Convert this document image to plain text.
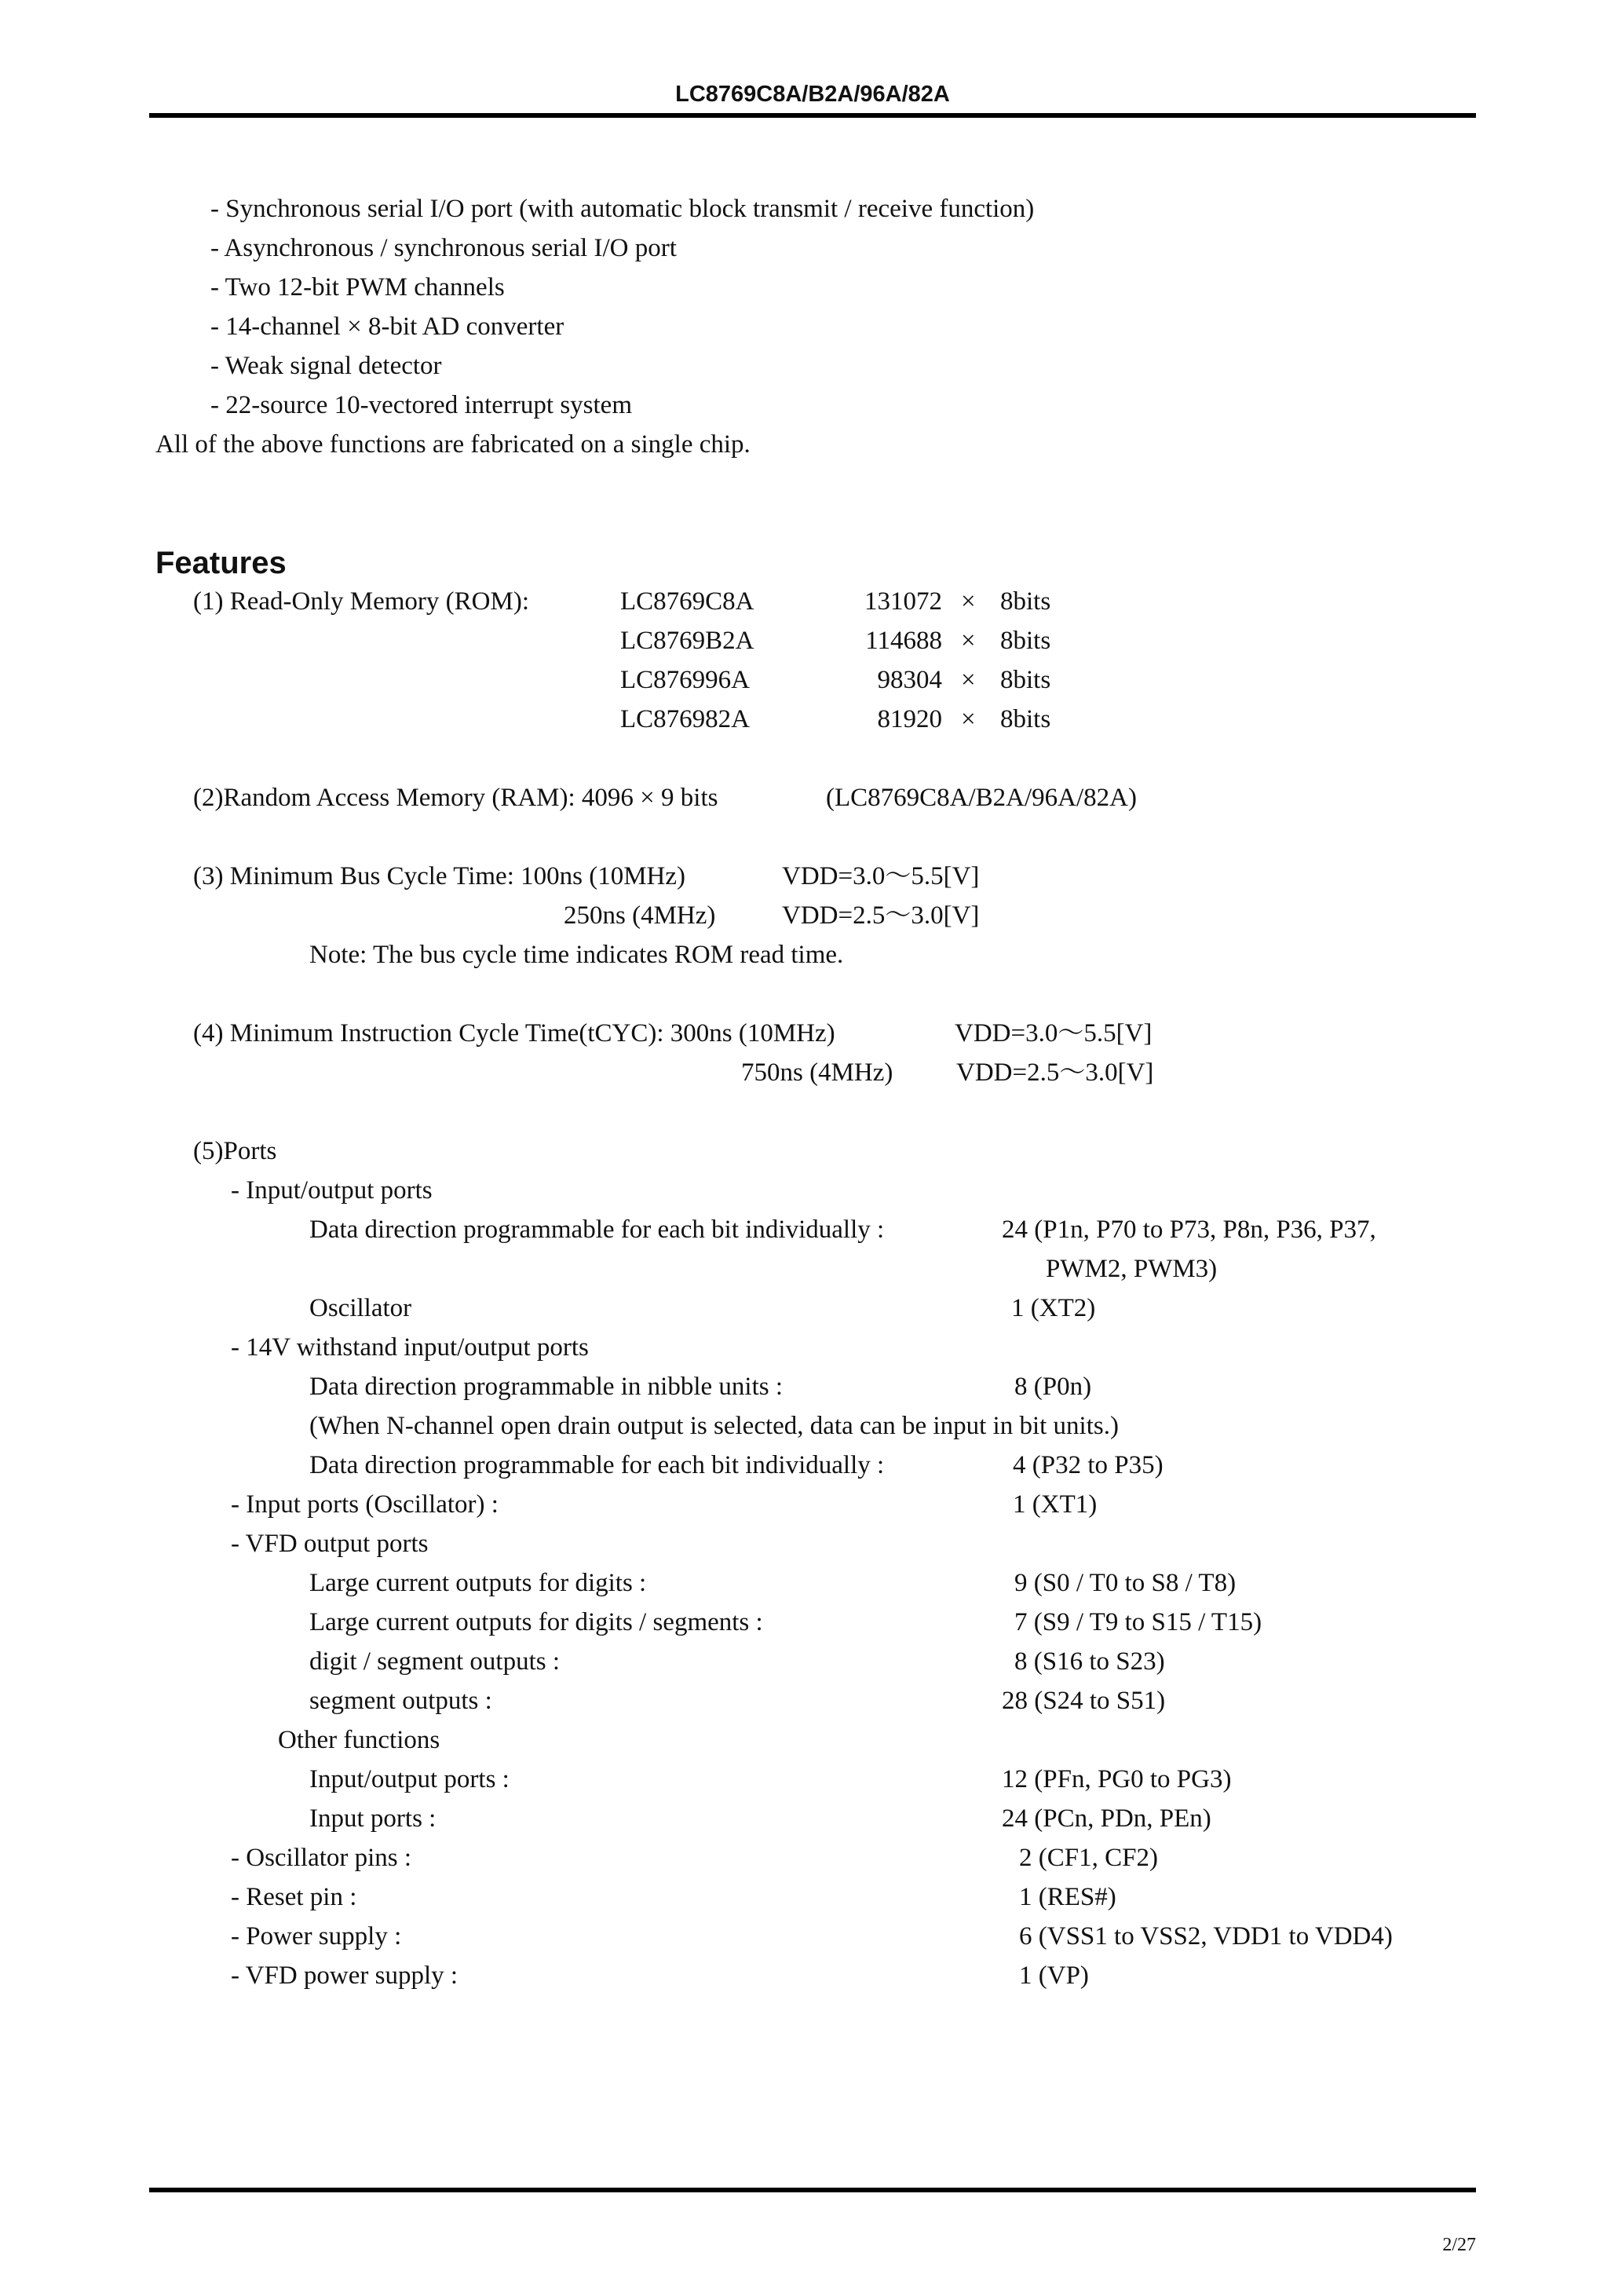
LC8769C8A/B2A/96A/82A
- Synchronous serial I/O port (with automatic block transmit / receive function)
- Asynchronous / synchronous serial I/O port
- Two 12-bit PWM channels
- 14-channel × 8-bit AD converter
- Weak signal detector
- 22-source 10-vectored interrupt system
All of the above functions are fabricated on a single chip.
Features
(1) Read-Only Memory (ROM):	LC8769C8A	131072 × 8bits
LC8769B2A	114688 × 8bits
LC876996A	98304 × 8bits
LC876982A	81920 × 8bits
(2)Random Access Memory (RAM): 4096 × 9 bits	(LC8769C8A/B2A/96A/82A)
(3) Minimum Bus Cycle Time: 100ns (10MHz)	VDD=3.0～5.5[V]
250ns (4MHz)	VDD=2.5～3.0[V]
Note: The bus cycle time indicates ROM read time.
(4) Minimum Instruction Cycle Time(tCYC): 300ns (10MHz)	VDD=3.0～5.5[V]
750ns (4MHz) VDD=2.5～3.0[V]
(5)Ports
- Input/output ports
Data direction programmable for each bit individually :	24 (P1n, P70 to P73, P8n, P36, P37,
PWM2, PWM3)
Oscillator	1 (XT2)
- 14V withstand input/output ports
Data direction programmable in nibble units :	8 (P0n)
(When N-channel open drain output is selected, data can be input in bit units.)
Data direction programmable for each bit individually :	4 (P32 to P35)
- Input ports (Oscillator) :	1 (XT1)
- VFD output ports
Large current outputs for digits :	9 (S0 / T0 to S8 / T8)
Large current outputs for digits / segments :	7 (S9 / T9 to S15 / T15)
digit / segment outputs :	8 (S16 to S23)
segment outputs :	28 (S24 to S51)
Other functions
Input/output ports :	12 (PFn, PG0 to PG3)
Input ports :	24 (PCn, PDn, PEn)
- Oscillator pins :	2 (CF1, CF2)
- Reset pin :	1 (RES#)
- Power supply :	6 (VSS1 to VSS2, VDD1 to VDD4)
- VFD power supply :	1 (VP)
2/27
